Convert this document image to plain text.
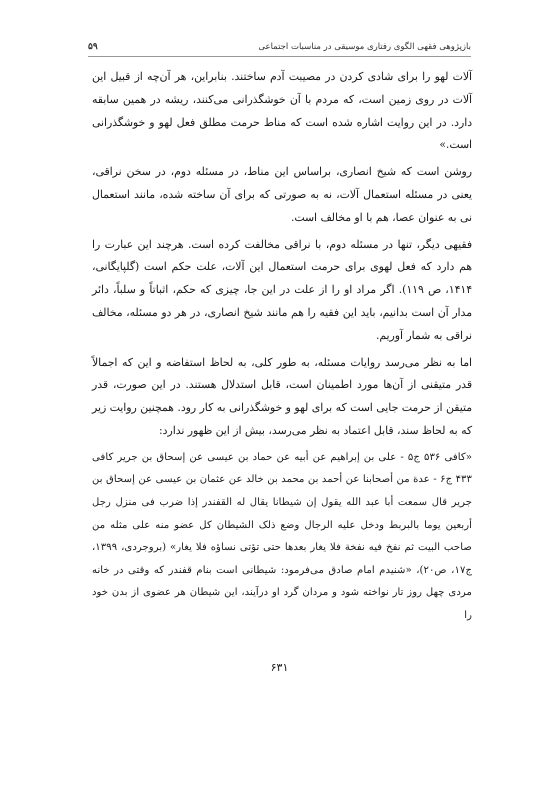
بازپژوهی فقهی الگوی رفتاری موسیقی در مناسبات اجتماعی
۵۹

آلات لهو را برای شادی کردن در مصیبت آدم ساختند. بنابراین، هر آن‌چه از قبیل این آلات در روی زمین است، که مردم با آن خوشگذرانی می‌کنند، ریشه در همین سابقه دارد. در این روایت اشاره شده است که مناط حرمت مطلق فعل لهو و خوشگذرانی است.»

روشن است که شیخ انصاری، براساس این مناط، در مسئله دوم، در سخن نراقی، یعنی در مسئله استعمال آلات، نه به صورتی که برای آن ساخته شده، مانند استعمال نی به عنوان عصا، هم با او مخالف است.

فقیهی دیگر، تنها در مسئله دوم، با نراقی مخالفت کرده است. هرچند این عبارت را هم دارد که فعل لهوی برای حرمت استعمال این آلات، علت حکم است (گلپایگانی، ۱۴۱۴، ص ۱۱۹). اگر مراد او را از علت در این جا، چیزی که حکم، اثباتاً و سلباً، دائر مدار آن است بدانیم، باید این فقیه را هم مانند شیخ انصاری، در هر دو مسئله، مخالف نراقی به شمار آوریم.

اما به نظر می‌رسد روایات مسئله، به طور کلی، به لحاظ استفاضه و این که اجمالاً قدر متیقنی از آن‌ها مورد اطمینان است، قابل استدلال هستند. در این صورت، قدر متیقن از حرمت جایی است که برای لهو و خوشگذرانی به کار رود. همچنین روایت زیر که به لحاظ سند، قابل اعتماد به نظر می‌رسد، بیش از این ظهور ندارد:

«کافی ۵۳۶ ج۵ - علی بن إبراهیم عن أبیه عن حماد بن عیسی عن إسحاق بن جریر کافی ۴۳۳ ج۶ - عدة من أصحابنا عن أحمد بن محمد بن خالد عن عثمان بن عیسی عن إسحاق بن جریر قال سمعت أبا عبد الله یقول إن شیطانا یقال له القفندر إذا ضرب فی منزل رجل أربعین یوما بالبربط ودخل علیه الرجال وضع ذلک الشیطان کل عضو منه علی مثله من صاحب البیت ثم نفخ فیه نفخة فلا یغار بعدها حتی تؤتی نساؤه فلا یغار» (بروجردی، ۱۳۹۹، ج۱۷، ص۲۰)، «شنیدم امام صادق می‌فرمود: شیطانی است بنام قفندر که وقتی در خانه مردی چهل روز تار نواخته شود و مردان گرد او درآیند، این شیطان هر عضوی از بدن خود را

۶۳۱
